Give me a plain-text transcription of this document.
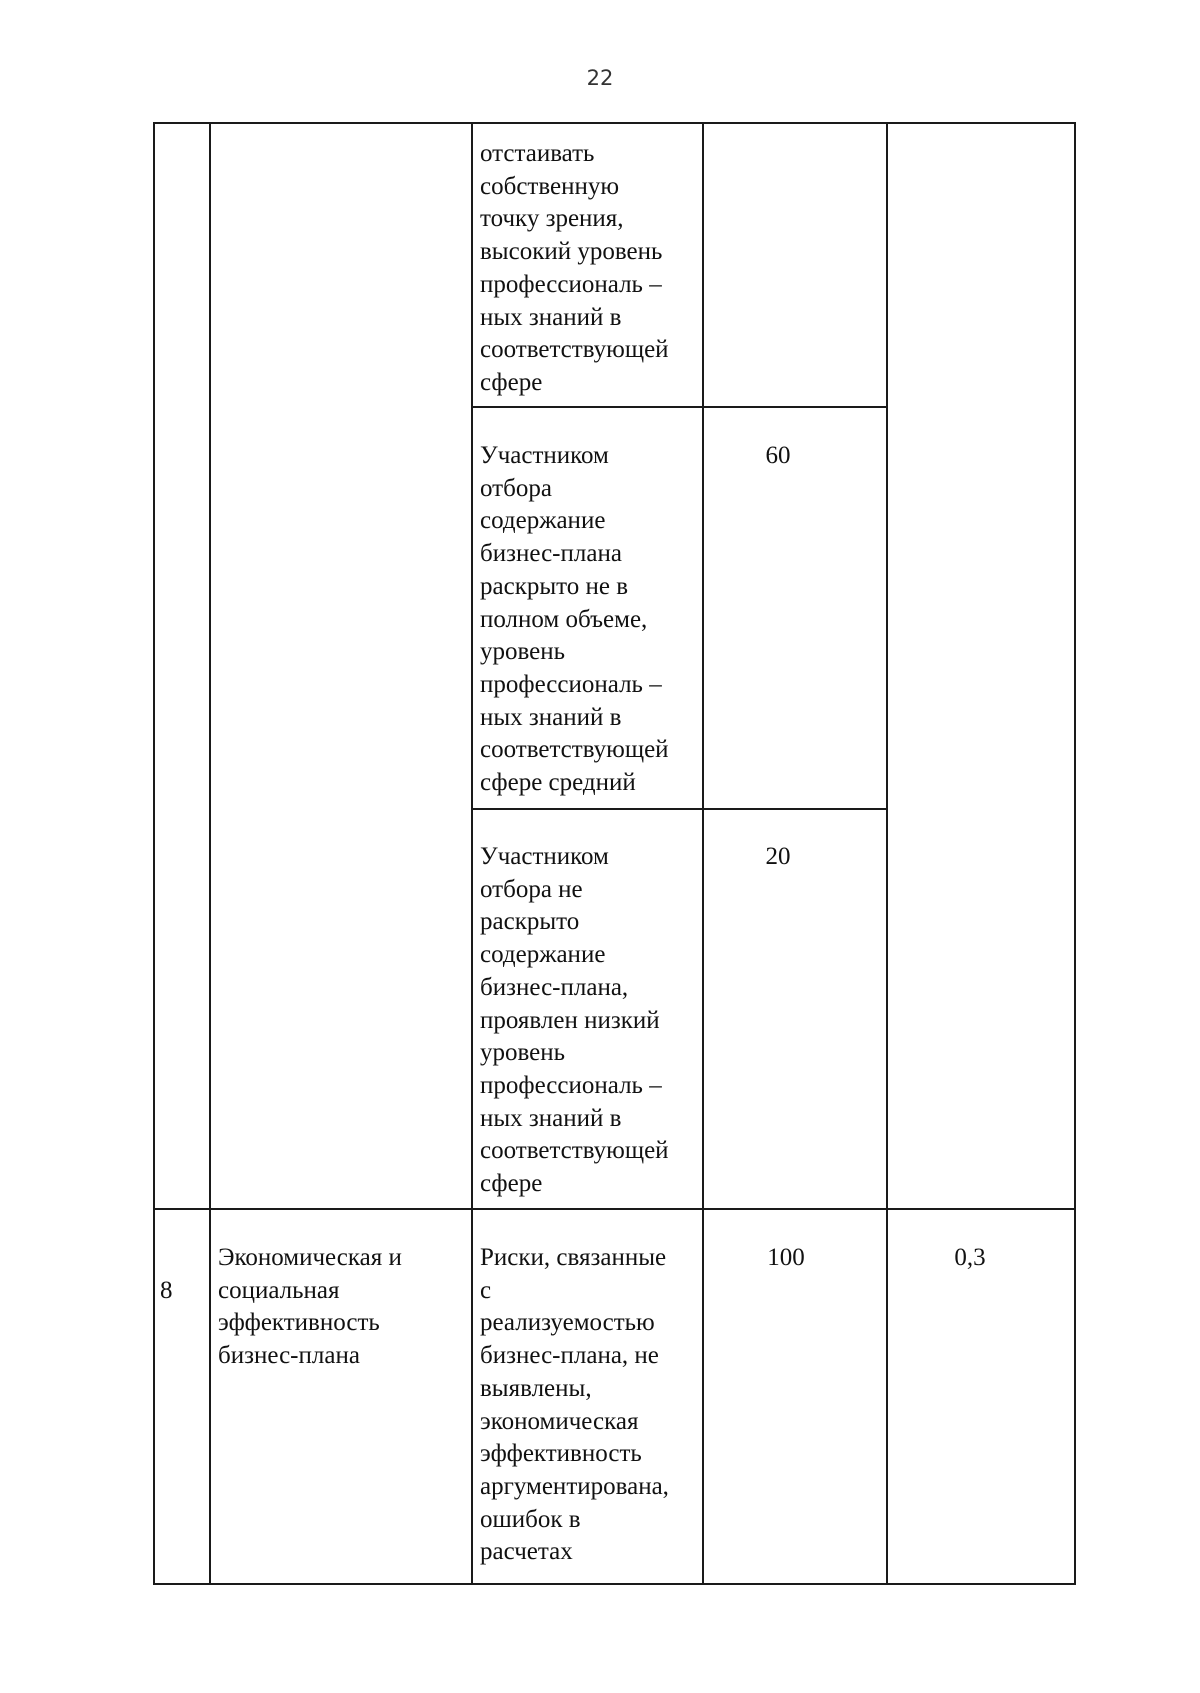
22
отстаивать
собственную
точку зрения,
высокий уровень
профессиональ –
ных знаний в
соответствующей
сфере
Участником
отбора
содержание
бизнес-плана
раскрыто не в
полном объеме,
уровень
профессиональ –
ных знаний в
соответствующей
сфере средний
60
Участником
отбора не
раскрыто
содержание
бизнес-плана,
проявлен низкий
уровень
профессиональ –
ных знаний в
соответствующей
сфере
20
8
Экономическая и
социальная
эффективность
бизнес-плана
Риски, связанные
с
реализуемостью
бизнес-плана, не
выявлены,
экономическая
эффективность
аргументирована,
ошибок в
расчетах
100	0,3
